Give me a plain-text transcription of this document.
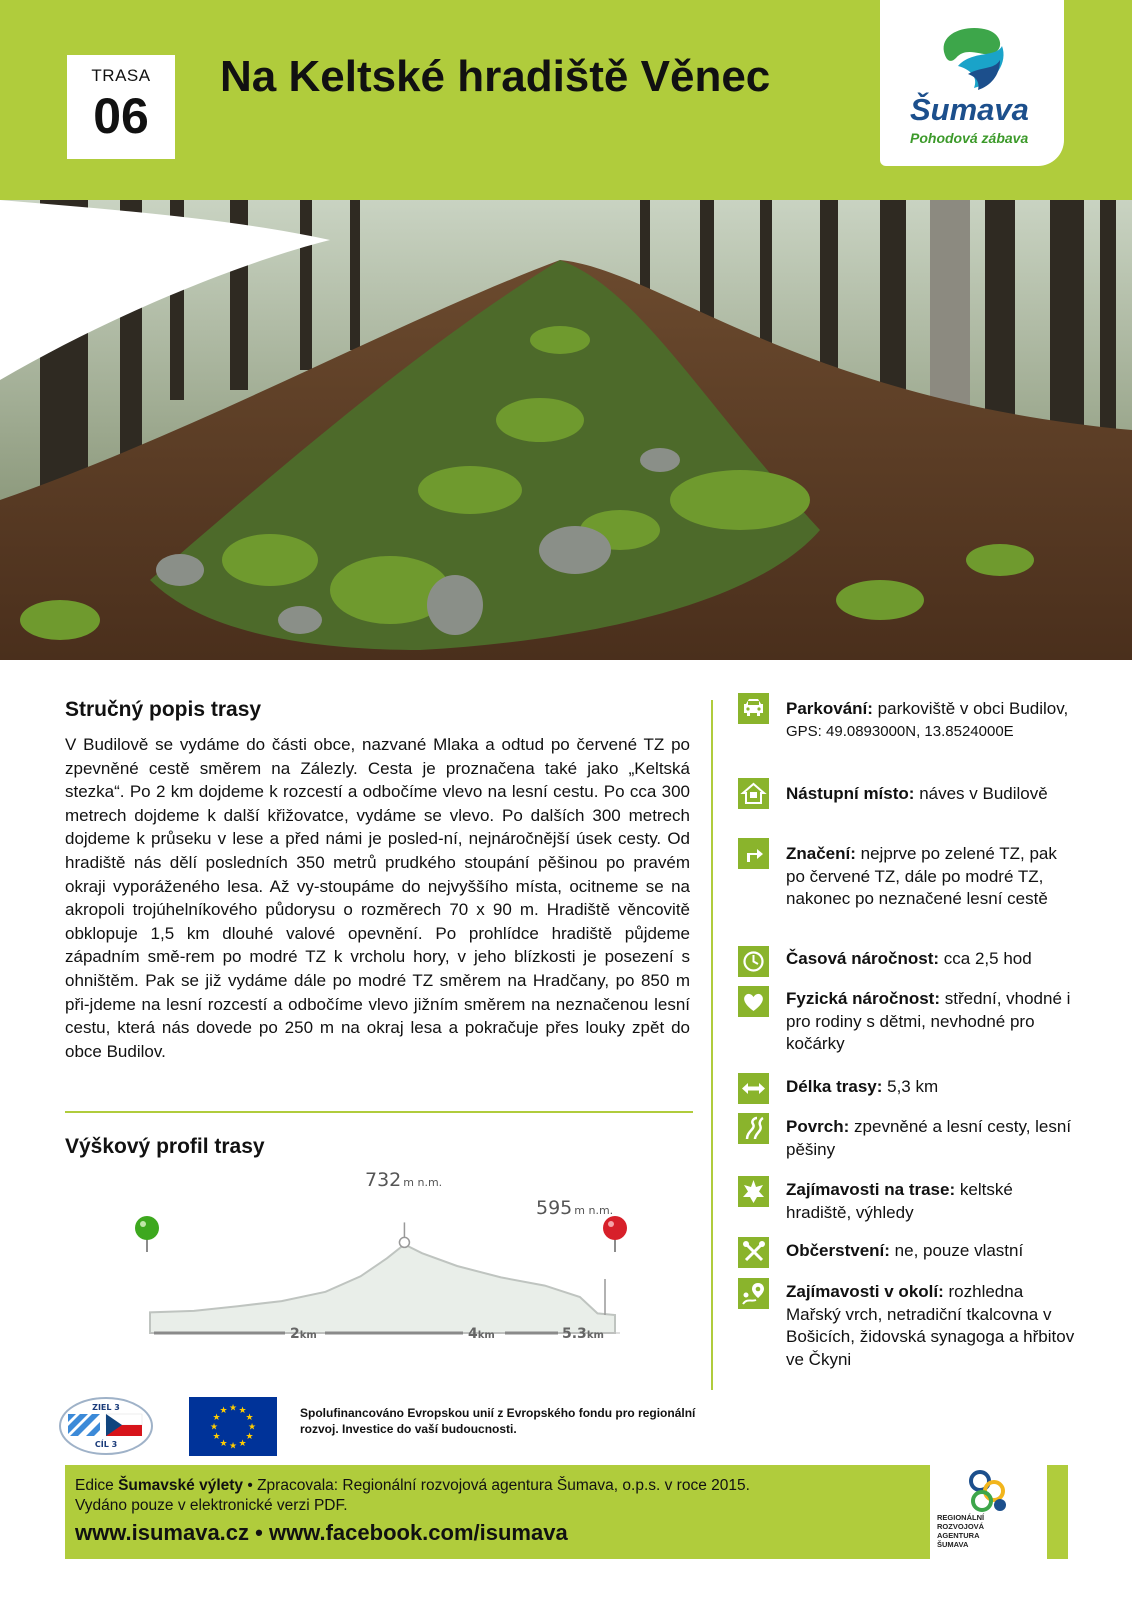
TRASA
06
Na Keltské hradiště Věnec
Šumava
Pohodová zábava
Stručný popis trasy
V Budilově se vydáme do části obce, nazvané Mlaka a odtud po červené TZ po zpevněné cestě směrem na Zálezly. Cesta je proznačena také jako „Keltská stezka“. Po 2 km dojdeme k rozcestí a odbočíme vlevo na lesní cestu. Po cca 300 metrech dojdeme k další křižovatce, vydáme se vlevo. Po dalších 300 metrech dojdeme k průseku v lese a před námi je posled-ní, nejnáročnější úsek cesty. Od hradiště nás dělí posledních 350 metrů prudkého stoupání pěšinou po pravém okraji vyporáženého lesa. Až vy-stoupáme do nejvyššího místa, ocitneme se na akropoli trojúhelníkového půdorysu o rozměrech 70 x 90 m. Hradiště věncovitě obklopuje 1,5 km dlouhé valové opevnění. Po prohlídce hradiště půjdeme západním smě-rem po modré TZ k vrcholu hory, v jeho blízkosti je posezení s ohništěm. Pak se již vydáme dále po modré TZ směrem na Hradčany, po 850 m při-jdeme na lesní rozcestí a odbočíme vlevo jižním směrem na neznačenou lesní cestu, která nás dovede po 250 m na okraj lesa a pokračuje přes louky zpět do obce Budilov.
Výškový profil trasy
2km	4km	5.3km
732 m n.m.
595 m n.m.
Parkování: parkoviště v obci Budilov,
GPS: 49.0893000N, 13.8524000E
Nástupní místo: náves v Budilově
Značení: nejprve po zelené TZ, pak po červené TZ, dále po modré TZ, nakonec po neznačené lesní cestě
Časová náročnost: cca 2,5 hod
Fyzická náročnost: střední, vhodné i pro rodiny s dětmi, nevhodné pro kočárky
Délka trasy: 5,3 km
Povrch: zpevněné a lesní cesty, lesní pěšiny
Zajímavosti na trase: keltské hradiště, výhledy
Občerstvení: ne, pouze vlastní
Zajímavosti v okolí: rozhledna Mařský vrch, netradiční tkalcovna v Bošicích, židovská synagoga a hřbitov ve Čkyni
ZIEL 3
CÍL 3
★
★
★
★
★
★
★
★
★ ★ ★
★	Spolufinancováno Evropskou unií z Evropského fondu pro regionální rozvoj. Investice do vaší budoucnosti.
Edice Šumavské výlety • Zpracovala: Regionální rozvojová agentura Šumava, o.p.s. v roce 2015.
Vydáno pouze v elektronické verzi PDF.
www.isumava.cz • www.facebook.com/isumava
REGIONÁLNÍ
ROZVOJOVÁ
AGENTURA
ŠUMAVA
